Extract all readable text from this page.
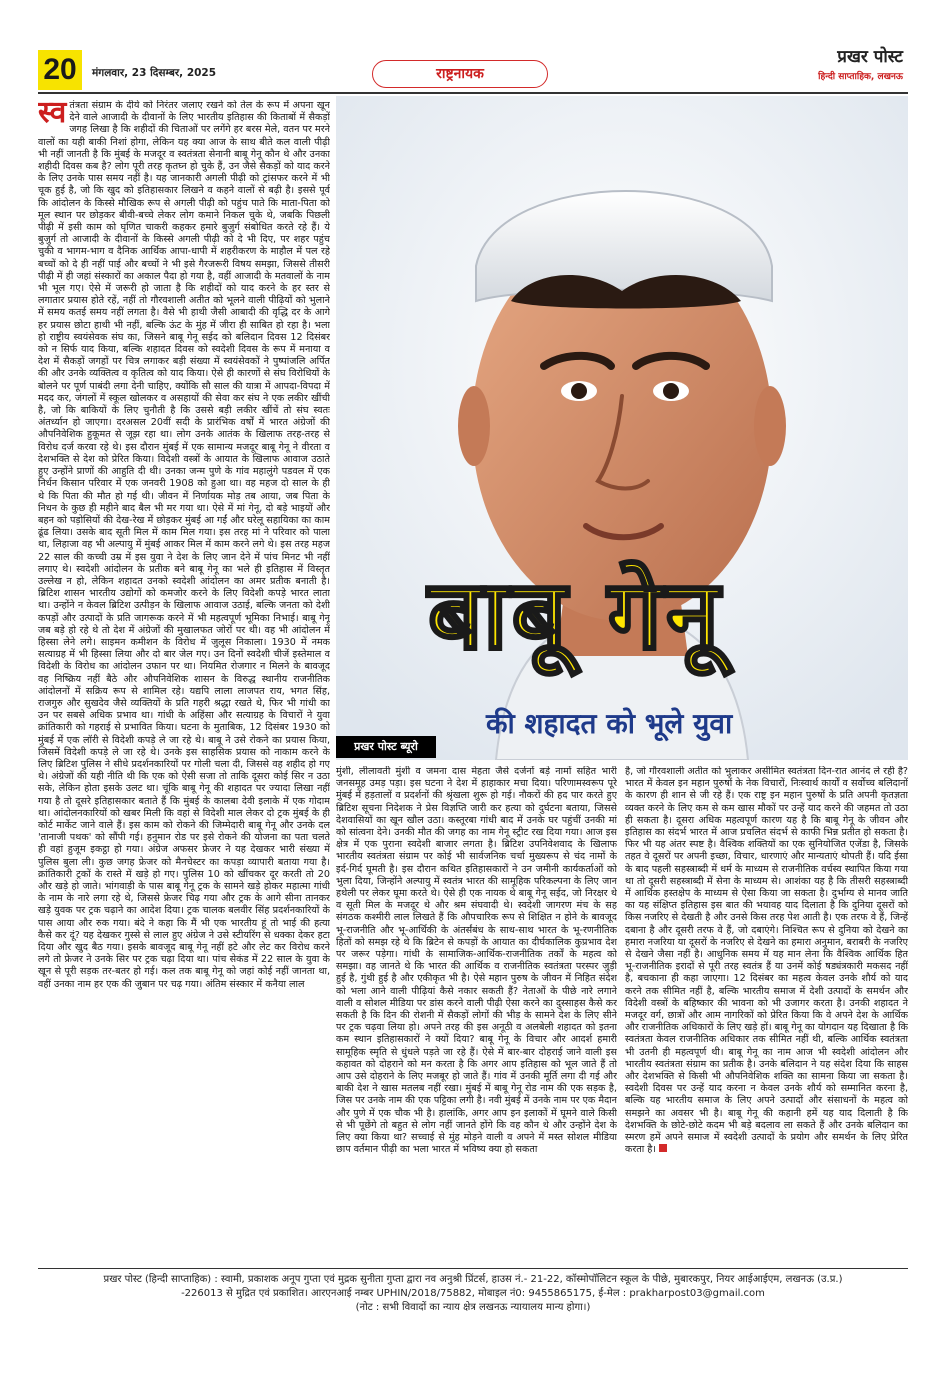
20	मंगलवार, 23 दिसम्बर, 2025	राष्ट्रनायक
प्रखर पोस्ट
हिन्दी साप्ताहिक, लखनऊ

स्व तंत्रता संग्राम के दीये को निरंतर जलाए रखने को तेल के रूप में अपना खून देने वाले आजादी के दीवानों के लिए भारतीय इतिहास की किताबों में सैकड़ों जगह लिखा है कि शहीदों की चिताओं पर लगेंगे हर बरस मेले, वतन पर मरने वालों का यही बाकी निशां होगा, लेकिन यह क्या आज के साथ बीते कल वाली पीढ़ी भी नहीं जानती है कि मुंबई के मजदूर व स्वतंत्रता सेनानी बाबू गेनू कौन थे और उनका शहीदी दिवस कब है? लोग पूरी तरह कृतघ्न हो चुके हैं, उन जैसे सैकड़ों को याद करने के लिए उनके पास समय नहीं है। यह जानकारी अगली पीढ़ी को ट्रांसफर करने में भी चूक हुई है, जो कि खुद को इतिहासकार लिखने व कहने वालों से बढ़ी है। इससे पूर्व कि आंदोलन के किस्से मौखिक रूप से अगली पीढ़ी को पहुंच पाते कि माता-पिता को मूल स्थान पर छोड़कर बीवी-बच्चे लेकर लोग कमाने निकल चुके थे, जबकि पिछली पीढ़ी में इसी काम को घृणित चाकरी कहकर हमारे बुजुर्ग संबोधित करते रहे हैं। ये बुजुर्ग तो आजादी के दीवानों के किस्से अगली पीढ़ी को दे भी दिए, पर शहर पहुंच चुकी व भागम-भाग व दैनिक आर्थिक आपा-धापी में शहरीकरण के माहौल में पल रहे बच्चों को दे ही नहीं पाई और बच्चों ने भी इसे गैरजरूरी विषय समझा, जिससे तीसरी पीढ़ी में ही जहां संस्कारों का अकाल पैदा हो गया है, वहीं आजादी के मतवालों के नाम भी भूल गए। ऐसे में जरूरी हो जाता है कि शहीदों को याद करने के हर स्तर से लगातार प्रयास होते रहें, नहीं तो गौरवशाली अतीत को भूलने वाली पीढ़ियों को भुलाने में समय कतई समय नहीं लगता है। वैसे भी हाथी जैसी आबादी की वृद्धि दर के आगे हर प्रयास छोटा हाथी भी नहीं, बल्कि ऊंट के मुंह में जीरा ही साबित हो रहा है। भला हो राष्ट्रीय स्वयंसेवक संघ का, जिसने बाबू गेनू सईद को बलिदान दिवस 12 दिसंबर को न सिर्फ याद किया, बल्कि शहादत दिवस को स्वदेशी दिवस के रूप में मनाया व देश में सैकड़ों जगहों पर चित्र लगाकर बड़ी संख्या में स्वयंसेवकों ने पुष्पांजलि अर्पित की और उनके व्यक्तित्व व कृतित्व को याद किया। ऐसे ही कारणों से संघ विरोधियों के बोलने पर पूर्ण पाबंदी लगा देनी चाहिए, क्योंकि सौ साल की यात्रा में आपदा-विपदा में मदद कर, जंगलों में स्कूल खोलकर व असहायों की सेवा कर संघ ने एक लकीर खींची है, जो कि बाकियों के लिए चुनौती है कि उससे बड़ी लकीर खींचें तो संघ स्वतः अंतर्ध्यान हो जाएगा। दरअसल 20वीं सदी के प्रारंभिक वर्षों में भारत अंग्रेजों की औपनिवेशिक हुकूमत से जूझ रहा था। लोग उनके आतंक के खिलाफ तरह-तरह से विरोध दर्ज करवा रहे थे। इस दौरान मुंबई में एक सामान्य मजदूर बाबू गेनू ने वीरता व देशभक्ति से देश को प्रेरित किया। विदेशी वस्त्रों के आयात के खिलाफ आवाज उठाते हुए उन्होंने प्राणों की आहुति दी थी। उनका जन्म पुणे के गांव महालुंगे पडवल में एक निर्धन किसान परिवार में एक जनवरी 1908 को हुआ था। वह महज दो साल के ही थे कि पिता की मौत हो गई थी। जीवन में निर्णायक मोड़ तब आया, जब पिता के निधन के कुछ ही महीने बाद बैल भी मर गया था। ऐसे में मां गेनू, दो बड़े भाइयों और बहन को पड़ोसियों की देख-रेख में छोड़कर मुंबई आ गईं और घरेलू सहायिका का काम ढूंढ लिया। उसके बाद सूती मिल में काम मिल गया। इस तरह मां ने परिवार को पाला था, लिहाजा वह भी अल्पायु में मुंबई आकर मिल में काम करने लगे थे। इस तरह महज 22 साल की कच्ची उम्र में इस युवा ने देश के लिए जान देने में पांच मिनट भी नहीं लगाए थे। स्वदेशी आंदोलन के प्रतीक बने बाबू गेनू का भले ही इतिहास में विस्तृत उल्लेख न हो, लेकिन शहादत उनको स्वदेशी आंदोलन का अमर प्रतीक बनाती है। ब्रिटिश शासन भारतीय उद्योगों को कमजोर करने के लिए विदेशी कपड़े भारत लाता था। उन्होंने न केवल ब्रिटिश उत्पीड़न के खिलाफ आवाज उठाई, बल्कि जनता को देशी कपड़ों और उत्पादों के प्रति जागरूक करने में भी महत्वपूर्ण भूमिका निभाई। बाबू गेनू जब बड़े हो रहे थे तो देश में अंग्रेजों की मुखालफत जोरों पर थी। वह भी आंदोलन में हिस्सा लेने लगे। साइमन कमीशन के विरोध में जुलूस निकाला। 1930 में नमक सत्याग्रह में भी हिस्सा लिया और दो बार जेल गए। उन दिनों स्वदेशी चीजें इस्तेमाल व विदेशी के विरोध का आंदोलन उफान पर था। नियमित रोजगार न मिलने के बावजूद वह निष्क्रिय नहीं बैठे और औपनिवेशिक शासन के विरुद्ध स्थानीय राजनीतिक आंदोलनों में सक्रिय रूप से शामिल रहे। यद्यपि लाला लाजपत राय, भगत सिंह, राजगुरु और सुखदेव जैसे व्यक्तियों के प्रति गहरी श्रद्धा रखते थे, फिर भी गांधी का उन पर सबसे अधिक प्रभाव था। गांधी के अहिंसा और सत्याग्रह के विचारों ने युवा क्रांतिकारी को गहराई से प्रभावित किया। घटना के मुताबिक, 12 दिसंबर 1930 को मुंबई में एक लॉरी से विदेशी कपड़े ले जा रहे थे। बाबू ने उसे रोकने का प्रयास किया, जिसमें विदेशी कपड़े ले जा रहे थे। उनके इस साहसिक प्रयास को नाकाम करने के लिए ब्रिटिश पुलिस ने सीधे प्रदर्शनकारियों पर गोली चला दी, जिससे वह शहीद हो गए थे। अंग्रेजों की यही नीति थी कि एक को ऐसी सजा तो ताकि दूसरा कोई सिर न उठा सके, लेकिन होता इसके उलट था। चूंकि बाबू गेनू की शहादत पर ज्यादा लिखा नहीं गया है तो दूसरे इतिहासकार बताते हैं कि मुंबई के कालबा देवी इलाके में एक गोदाम था। आंदोलनकारियों को खबर मिली कि वहां से विदेशी माल लेकर दो ट्रक मुंबई के ही कोर्ट मार्केट जाने वाले हैं। इस काम को रोकने की जिम्मेदारी बाबू गेनू और उनके दल 'तानाजी पथक' को सौंपी गई। हनुमान रोड पर इसे रोकने की योजना का पता चलते ही वहां हुजूम इकट्ठा हो गया। अंग्रेज अफसर फ्रेजर ने यह देखकर भारी संख्या में पुलिस बुला ली। कुछ जगह फ्रेजर को मैनचेस्टर का कपड़ा व्यापारी बताया गया है। क्रांतिकारी ट्रकों के रास्ते में खड़े हो गए। पुलिस 10 को खींचकर दूर करती तो 20 और खड़े हो जाते। भांगवाड़ी के पास बाबू गेनू ट्रक के सामने खड़े होकर महात्मा गांधी के नाम के नारे लगा रहे थे, जिससे फ्रेजर चिढ़ गया और ट्रक के आगे सीना तानकर खड़े युवक पर ट्रक चढ़ाने का आदेश दिया। ट्रक चालक बलवीर सिंह प्रदर्शनकारियों के पास आया और रुक गया। बंदे ने कहा कि मैं भी एक भारतीय हूं तो भाई की हत्या कैसे कर दूं? यह देखकर गुस्से से लाल हुए अंग्रेज ने उसे स्टीयरिंग से धक्का देकर हटा दिया और खुद बैठ गया। इसके बावजूद बाबू गेनू नहीं हटे और लेट कर विरोध करने लगे तो फ्रेजर ने उनके सिर पर ट्रक चढ़ा दिया था। पांच सेकंड में 22 साल के युवा के खून से पूरी सड़क तर-बतर हो गई। कल तक बाबू गेनू को जहां कोई नहीं जानता था, वहीं उनका नाम हर एक की जुबान पर चढ़ गया। अंतिम संस्कार में कनैया लाल

बाबू गेनू
की शहादत को भूले युवा
प्रखर पोस्ट ब्यूरो

मुंशी, लीलावती मुंशी व जमना दास मेहता जैसे दर्जनों बड़े नामों सहित भारी जनसमूह उमड़ पड़ा। इस घटना ने देश में हाहाकार मचा दिया। परिणामस्वरूप पूरे मुंबई में हड़तालों व प्रदर्शनों की श्रृंखला शुरू हो गई। नौकरों की हद पार करते हुए ब्रिटिश सूचना निदेशक ने प्रेस विज्ञप्ति जारी कर हत्या को दुर्घटना बताया, जिससे देशवासियों का खून खौल उठा। कस्तूरबा गांधी बाद में उनके घर पहुंचीं उनकी मां को सांत्वना देने। उनकी मौत की जगह का नाम गेनू स्ट्रीट रख दिया गया। आज इस क्षेत्र में एक पुराना स्वदेशी बाजार लगता है। ब्रिटिश उपनिवेशवाद के खिलाफ भारतीय स्वतंत्रता संग्राम पर कोई भी सार्वजनिक चर्चा मुख्यरूप से चंद नामों के इर्द-गिर्द घूमती है। इस दौरान कथित इतिहासकारों ने उन जमीनी कार्यकर्ताओं को भुला दिया, जिन्होंने अल्पायु में स्वतंत्र भारत की सामूहिक परिकल्पना के लिए जान हथेली पर लेकर घूमा करते थे। ऐसे ही एक नायक थे बाबू गेनू सईद, जो निरक्षर थे व सूती मिल के मजदूर थे और श्रम संघवादी थे। स्वदेशी जागरण मंच के सह संगठक कश्मीरी लाल लिखते हैं कि औपचारिक रूप से शिक्षित न होने के बावजूद भू-राजनीति और भू-आर्थिकी के अंतर्संबंध के साथ-साथ भारत के भू-रणनीतिक हितों को समझ रहे थे कि ब्रिटेन से कपड़ों के आयात का दीर्घकालिक कुप्रभाव देश पर जरूर पड़ेगा। गांधी के सामाजिक-आर्थिक-राजनीतिक तर्कों के महत्व को समझा। वह जानते थे कि भारत की आर्थिक व राजनीतिक स्वतंत्रता परस्पर जुड़ी हुई है, गुंथी हुई है और एकीकृत भी है। ऐसे महान पुरुष के जीवन में निहित संदेश को भला आने वाली पीढ़ियां कैसे नकार सकती हैं? नेताओं के पीछे नारे लगाने वाली व सोशल मीडिया पर डांस करने वाली पीढ़ी ऐसा करने का दुस्साहस कैसे कर सकती है कि दिन की रोशनी में सैकड़ों लोगों की भीड़ के सामने देश के लिए सीने पर ट्रक चढ़वा लिया हो। अपने तरह की इस अनूठी व अलबेली शहादत को इतना कम स्थान इतिहासकारों ने क्यों दिया? बाबू गेनू के विचार और आदर्श हमारी सामूहिक स्मृति से धुंधले पड़ते जा रहे हैं। ऐसे में बार-बार दोहराई जाने वाली इस कहावत को दोहराने को मन करता है कि अगर आप इतिहास को भूल जाते हैं तो आप उसे दोहराने के लिए मजबूर हो जाते हैं। गांव में उनकी मूर्ति लगा दी गई और बाकी देश ने खास मतलब नहीं रखा। मुंबई में बाबू गेनू रोड नाम की एक सड़क है, जिस पर उनके नाम की एक पट्टिका लगी है। नवी मुंबई में उनके नाम पर एक मैदान और पुणे में एक चौक भी है। हालांकि, अगर आप इन इलाकों में घूमने वाले किसी से भी पूछेंगे तो बहुत से लोग नहीं जानते होंगे कि वह कौन थे और उन्होंने देश के लिए क्या किया था? सच्चाई से मुंह मोड़ने वाली व अपने में मस्त सोशल मीडिया छाप वर्तमान पीढ़ी का भला भारत में भविष्य क्या हो सकता

है, जो गौरवशाली अतीत को भुलाकर असीमित स्वतंत्रता दिन-रात आनंद ले रही है? भारत में केवल इन महान पुरुषों के नेक विचारों, निःस्वार्थ कार्यों व सर्वोच्च बलिदानों के कारण ही शान से जी रहे हैं। एक राष्ट्र इन महान पुरुषों के प्रति अपनी कृतज्ञता व्यक्त करने के लिए कम से कम खास मौकों पर उन्हें याद करने की जहमत तो उठा ही सकता है। दूसरा अधिक महत्वपूर्ण कारण यह है कि बाबू गेनू के जीवन और इतिहास का संदर्भ भारत में आज प्रचलित संदर्भ से काफी भिन्न प्रतीत हो सकता है। फिर भी यह अंतर स्पष्ट है। वैश्विक शक्तियों का एक सुनियोजित एजेंडा है, जिसके तहत वे दूसरों पर अपनी इच्छा, विचार, धारणाएं और मान्यताएं थोपती हैं। यदि ईसा के बाद पहली सहस्त्राब्दी में धर्म के माध्यम से राजनीतिक वर्चस्व स्थापित किया गया था तो दूसरी सहस्त्राब्दी में सेना के माध्यम से। आशंका यह है कि तीसरी सहस्त्राब्दी में आर्थिक हस्तक्षेप के माध्यम से ऐसा किया जा सकता है। दुर्भाग्य से मानव जाति का यह संक्षिप्त इतिहास इस बात की भयावह याद दिलाता है कि दुनिया दूसरों को किस नजरिए से देखती है और उनसे किस तरह पेश आती है। एक तरफ वे हैं, जिन्हें दबाना है और दूसरी तरफ वे हैं, जो दबाएंगे। निश्चित रूप से दुनिया को देखने का हमारा नजरिया या दूसरों के नजरिए से देखने का हमारा अनुमान, बराबरी के नजरिए से देखने जैसा नहीं है। आधुनिक समय में यह मान लेना कि वैश्विक आर्थिक हित भू-राजनीतिक इरादों से पूरी तरह स्वतंत्र हैं या उनमें कोई षड्यंत्रकारी मकसद नहीं है, बचकाना ही कहा जाएगा। 12 दिसंबर का महत्व केवल उनके शौर्य को याद करने तक सीमित नहीं है, बल्कि भारतीय समाज में देशी उत्पादों के समर्थन और विदेशी वस्त्रों के बहिष्कार की भावना को भी उजागर करता है। उनकी शहादत ने मजदूर वर्ग, छात्रों और आम नागरिकों को प्रेरित किया कि वे अपने देश के आर्थिक और राजनीतिक अधिकारों के लिए खड़े हों। बाबू गेनू का योगदान यह दिखाता है कि स्वतंत्रता केवल राजनीतिक अधिकार तक सीमित नहीं थी, बल्कि आर्थिक स्वतंत्रता भी उतनी ही महत्वपूर्ण थी। बाबू गेनू का नाम आज भी स्वदेशी आंदोलन और भारतीय स्वतंत्रता संग्राम का प्रतीक है। उनके बलिदान ने यह संदेश दिया कि साहस और देशभक्ति से किसी भी औपनिवेशिक शक्ति का सामना किया जा सकता है। स्वदेशी दिवस पर उन्हें याद करना न केवल उनके शौर्य को सम्मानित करना है, बल्कि यह भारतीय समाज के लिए अपने उत्पादों और संसाधनों के महत्व को समझने का अवसर भी है। बाबू गेनू की कहानी हमें यह याद दिलाती है कि देशभक्ति के छोटे-छोटे कदम भी बड़े बदलाव ला सकते हैं और उनके बलिदान का स्मरण हमें अपने समाज में स्वदेशी उत्पादों के प्रयोग और समर्थन के लिए प्रेरित करता है।

प्रखर पोस्ट (हिन्दी साप्ताहिक) : स्वामी, प्रकाशक अनूप गुप्ता एवं मुद्रक सुनीता गुप्ता द्वारा नव अनुश्री प्रिंटर्स, हाउस नं.- 21-22, कॉस्मोपॉलिटन स्कूल के पीछे, मुबारकपुर, नियर आईआईएम, लखनऊ (उ.प्र.)

-226013 से मुद्रित एवं प्रकाशित। आरएनआई नम्बर UPHIN/2018/75882, मोबाइल नं0: 9455865175, ई-मेल : prakharpost03@gmail.com

(नोट : सभी विवादों का न्याय क्षेत्र लखनऊ न्यायालय मान्य होगा।)
